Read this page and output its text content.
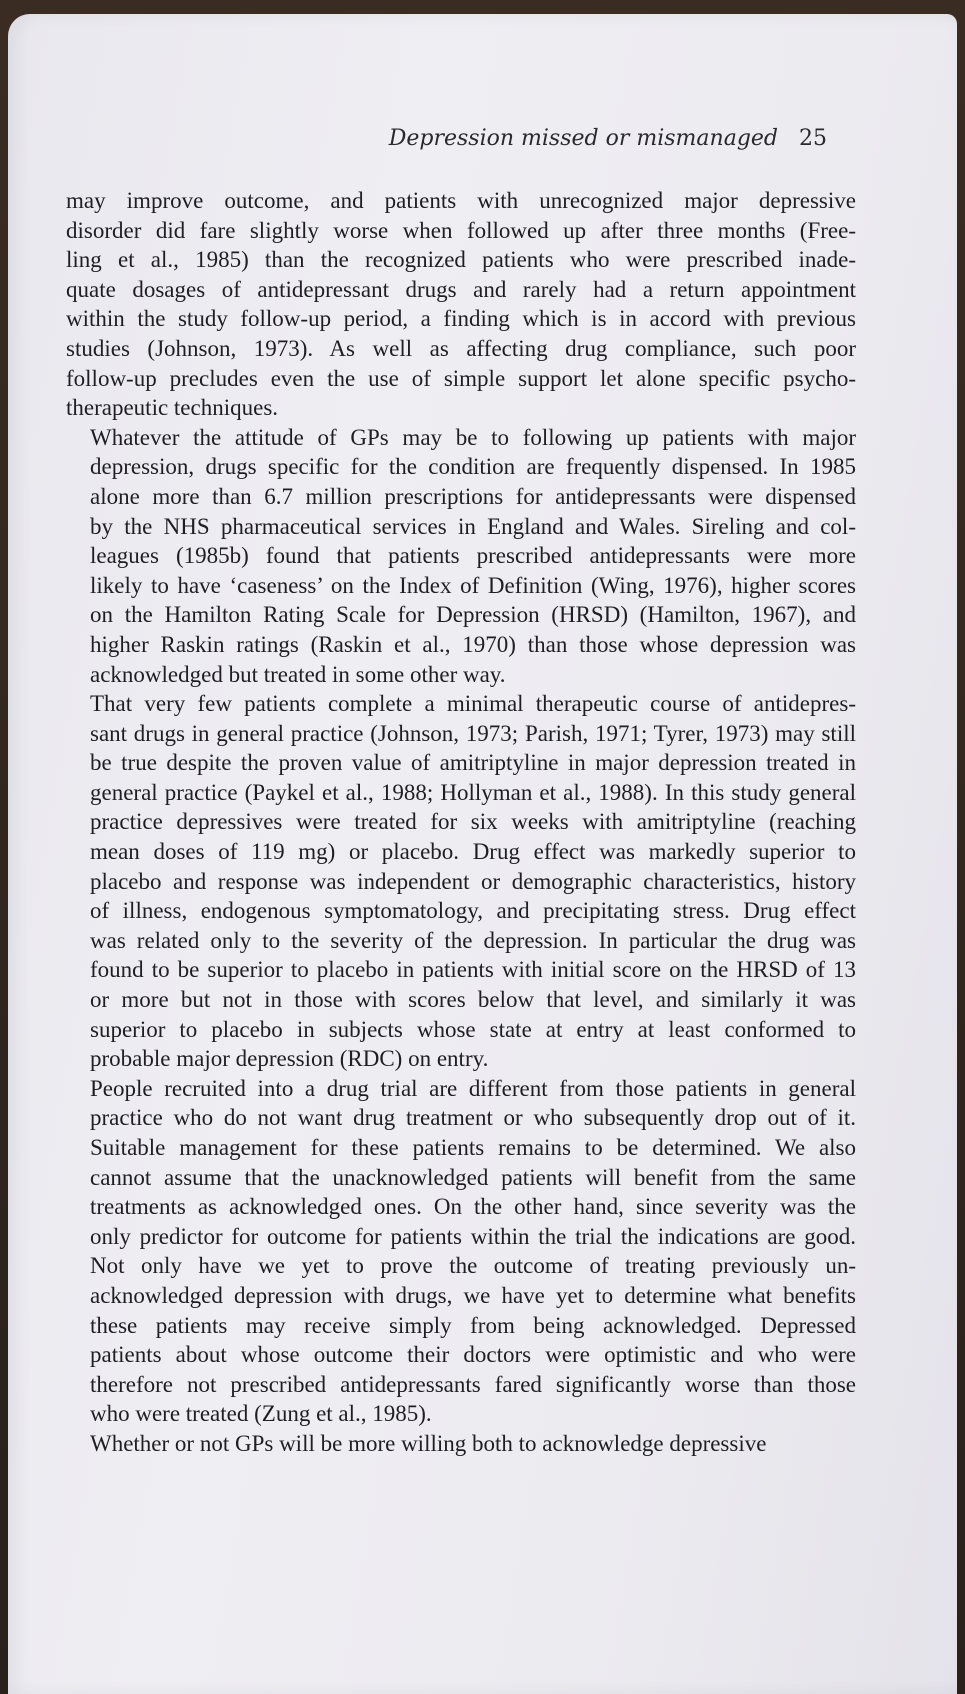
Depression missed or mismanaged 25

may improve outcome, and patients with unrecognized major depressive
disorder did fare slightly worse when followed up after three months (Free-
ling et al., 1985) than the recognized patients who were prescribed inade-
quate dosages of antidepressant drugs and rarely had a return appointment
within the study follow-up period, a finding which is in accord with previous
studies (Johnson, 1973). As well as affecting drug compliance, such poor
follow-up precludes even the use of simple support let alone specific psycho-
therapeutic techniques.

Whatever the attitude of GPs may be to following up patients with major
depression, drugs specific for the condition are frequently dispensed. In 1985
alone more than 6.7 million prescriptions for antidepressants were dispensed
by the NHS pharmaceutical services in England and Wales. Sireling and col-
leagues (1985b) found that patients prescribed antidepressants were more
likely to have ‘caseness’ on the Index of Definition (Wing, 1976), higher scores
on the Hamilton Rating Scale for Depression (HRSD) (Hamilton, 1967), and
higher Raskin ratings (Raskin et al., 1970) than those whose depression was
acknowledged but treated in some other way.

That very few patients complete a minimal therapeutic course of antidepres-
sant drugs in general practice (Johnson, 1973; Parish, 1971; Tyrer, 1973) may still
be true despite the proven value of amitriptyline in major depression treated in
general practice (Paykel et al., 1988; Hollyman et al., 1988). In this study general
practice depressives were treated for six weeks with amitriptyline (reaching
mean doses of 119 mg) or placebo. Drug effect was markedly superior to
placebo and response was independent or demographic characteristics, history
of illness, endogenous symptomatology, and precipitating stress. Drug effect
was related only to the severity of the depression. In particular the drug was
found to be superior to placebo in patients with initial score on the HRSD of 13
or more but not in those with scores below that level, and similarly it was
superior to placebo in subjects whose state at entry at least conformed to
probable major depression (RDC) on entry.

People recruited into a drug trial are different from those patients in general
practice who do not want drug treatment or who subsequently drop out of it.
Suitable management for these patients remains to be determined. We also
cannot assume that the unacknowledged patients will benefit from the same
treatments as acknowledged ones. On the other hand, since severity was the
only predictor for outcome for patients within the trial the indications are good.
Not only have we yet to prove the outcome of treating previously un-
acknowledged depression with drugs, we have yet to determine what benefits
these patients may receive simply from being acknowledged. Depressed
patients about whose outcome their doctors were optimistic and who were
therefore not prescribed antidepressants fared significantly worse than those
who were treated (Zung et al., 1985).

Whether or not GPs will be more willing both to acknowledge depressive
